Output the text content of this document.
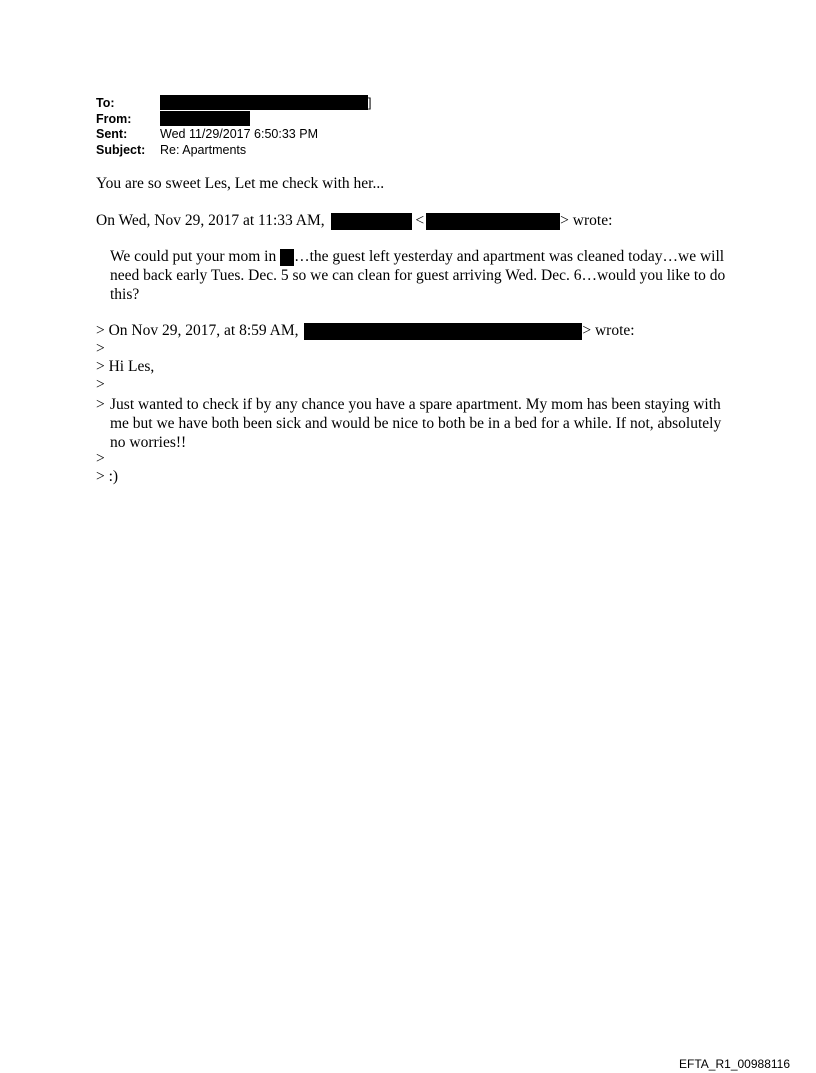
To:	]
From:
Sent:	Wed 11/29/2017 6:50:33 PM
Subject: Re: Apartments
You are so sweet Les, Let me check with her...
On Wed, Nov 29, 2017 at 11:33 AM,	<	> wrote:
We could put your mom in …the guest left yesterday and apartment was cleaned today…we will need back early Tues. Dec. 5 so we can clean for guest arriving Wed. Dec. 6…would you like to do this?
> On Nov 29, 2017, at 8:59 AM,	> wrote:
>
> Hi Les,
>
> Just wanted to check if by any chance you have a spare apartment. My mom has been staying with me but we have both been sick and would be nice to both be in a bed for a while. If not, absolutely no worries!!
>
> :)
EFTA_R1_00988116
